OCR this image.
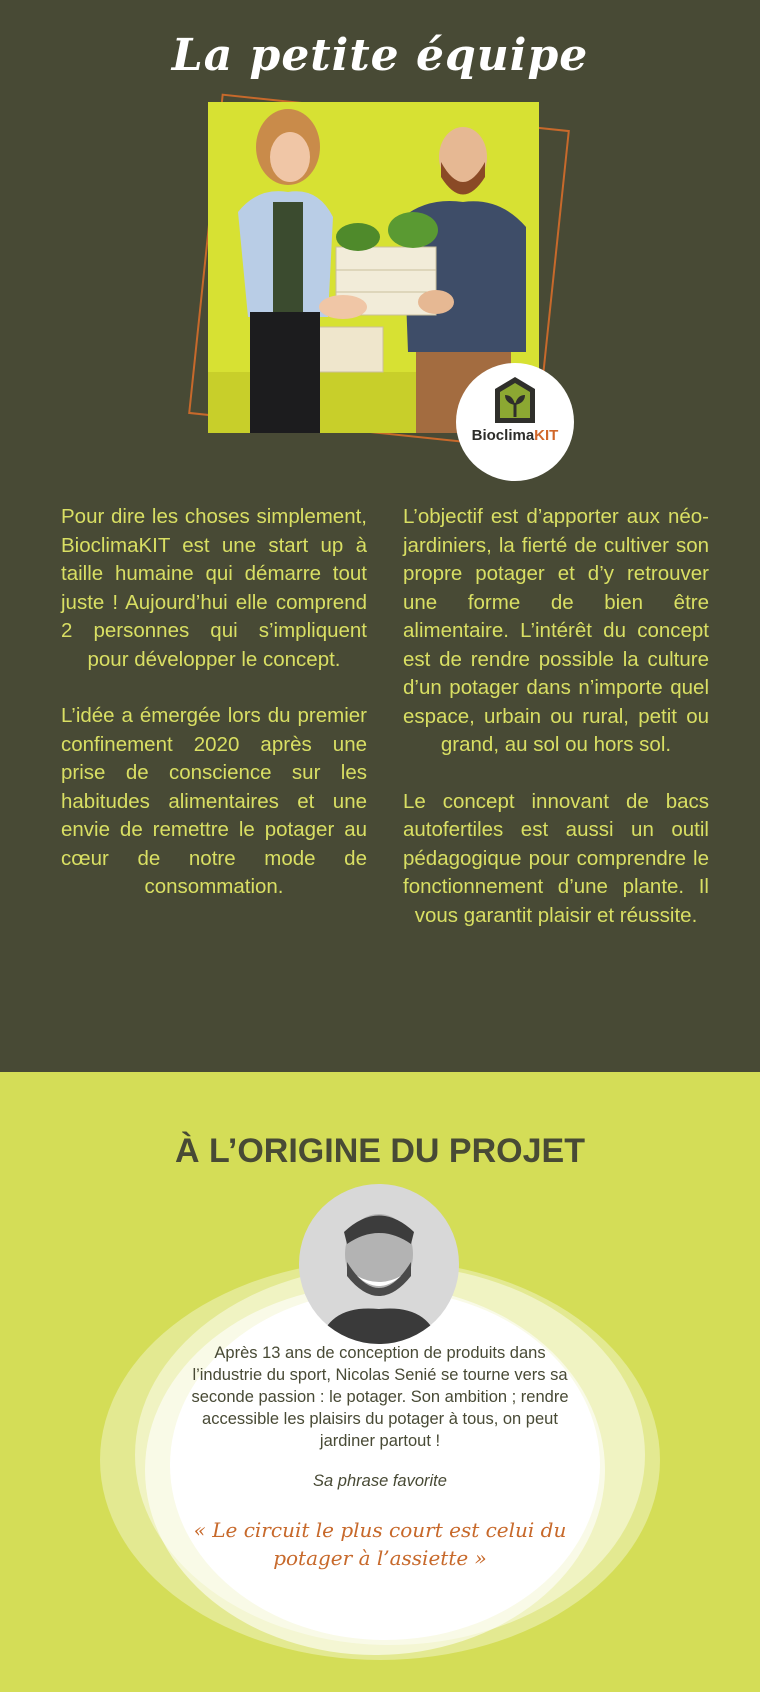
La petite équipe
BioclimaKIT

Pour dire les choses simplement, BioclimaKIT est une start up à taille humaine qui démarre tout juste ! Aujourd’hui elle comprend 2 personnes qui s’impliquent pour développer le concept.

L’idée a émergée lors du premier confinement 2020 après une prise de conscience sur les habitudes alimentaires et une envie de remettre le potager au cœur de notre mode de consommation.

L’objectif est d’apporter aux néo-jardiniers, la fierté de cultiver son propre potager et d’y retrouver une forme de bien être alimentaire. L’intérêt du concept est de rendre possible la culture d’un potager dans n’importe quel espace, urbain ou rural, petit ou grand, au sol ou hors sol.

Le concept innovant de bacs autofertiles est aussi un outil pédagogique pour comprendre le fonctionnement d’une plante. Il vous garantit plaisir et réussite.

À L’ORIGINE DU PROJET

Après 13 ans de conception de produits dans l’industrie du sport, Nicolas Senié se tourne vers sa seconde passion : le potager. Son ambition ; rendre accessible les plaisirs du potager à tous, on peut jardiner partout !

Sa phrase favorite

« Le circuit le plus court est celui du potager à l’assiette »
